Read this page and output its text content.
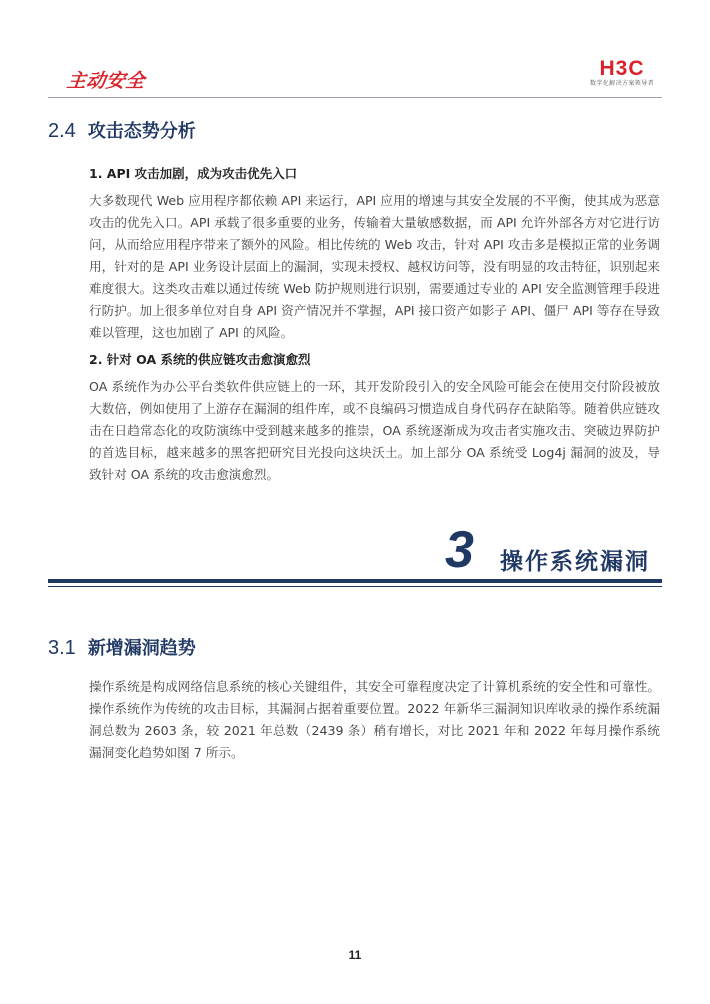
主动安全
H3C
数字化解决方案领导者
2.4 攻击态势分析
1. API 攻击加剧，成为攻击优先入口

大多数现代 Web 应用程序都依赖 API 来运行，API 应用的增速与其安全发展的不平衡，使其成为恶意攻击的优先入口。API 承载了很多重要的业务，传输着大量敏感数据，而 API 允许外部各方对它进行访问，从而给应用程序带来了额外的风险。相比传统的 Web 攻击，针对 API 攻击多是模拟正常的业务调用，针对的是 API 业务设计层面上的漏洞，实现未授权、越权访问等，没有明显的攻击特征，识别起来难度很大。这类攻击难以通过传统 Web 防护规则进行识别，需要通过专业的 API 安全监测管理手段进行防护。加上很多单位对自身 API 资产情况并不掌握，API 接口资产如影子 API、僵尸 API 等存在导致难以管理，这也加剧了 API 的风险。

2. 针对 OA 系统的供应链攻击愈演愈烈

OA 系统作为办公平台类软件供应链上的一环，其开发阶段引入的安全风险可能会在使用交付阶段被放大数倍，例如使用了上游存在漏洞的组件库，或不良编码习惯造成自身代码存在缺陷等。随着供应链攻击在日趋常态化的攻防演练中受到越来越多的推崇，OA 系统逐渐成为攻击者实施攻击、突破边界防护的首选目标，越来越多的黑客把研究目光投向这块沃土。加上部分 OA 系统受 Log4j 漏洞的波及，导致针对 OA 系统的攻击愈演愈烈。

3 操作系统漏洞
3.1 新增漏洞趋势

操作系统是构成网络信息系统的核心关键组件，其安全可靠程度决定了计算机系统的安全性和可靠性。操作系统作为传统的攻击目标，其漏洞占据着重要位置。2022 年新华三漏洞知识库收录的操作系统漏洞总数为 2603 条，较 2021 年总数（2439 条）稍有增长，对比 2021 年和 2022 年每月操作系统漏洞变化趋势如图 7 所示。

11
